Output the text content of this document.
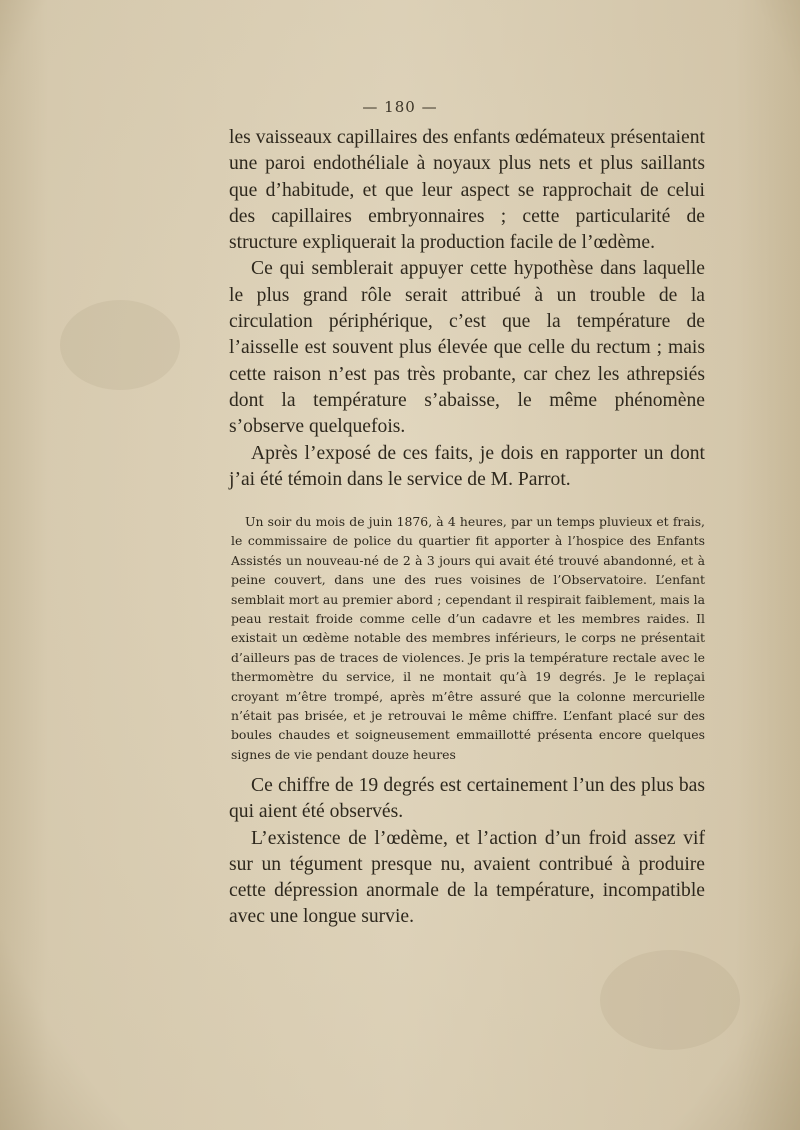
— 180 —

les vaisseaux capillaires des enfants œdémateux présentaient une paroi endothéliale à noyaux plus nets et plus saillants que d’habitude, et que leur aspect se rapprochait de celui des capillaires embryonnaires ; cette particularité de structure expliquerait la production facile de l’œdème.

Ce qui semblerait appuyer cette hypothèse dans laquelle le plus grand rôle serait attribué à un trouble de la circulation périphérique, c’est que la température de l’aisselle est souvent plus élevée que celle du rectum ; mais cette raison n’est pas très probante, car chez les athrepsiés dont la température s’abaisse, le même phénomène s’observe quelquefois.

Après l’exposé de ces faits, je dois en rapporter un dont j’ai été témoin dans le service de M. Parrot.

Un soir du mois de juin 1876, à 4 heures, par un temps pluvieux et frais, le commissaire de police du quartier fit apporter à l’hospice des Enfants Assistés un nouveau-né de 2 à 3 jours qui avait été trouvé abandonné, et à peine couvert, dans une des rues voisines de l’Observatoire. L’enfant semblait mort au premier abord ; cependant il respirait faiblement, mais la peau restait froide comme celle d’un cadavre et les membres raides. Il existait un œdème notable des membres inférieurs, le corps ne présentait d’ailleurs pas de traces de violences. Je pris la température rectale avec le thermomètre du service, il ne montait qu’à 19 degrés. Je le replaçai croyant m’être trompé, après m’être assuré que la colonne mercurielle n’était pas brisée, et je retrouvai le même chiffre. L’enfant placé sur des boules chaudes et soigneusement emmaillotté présenta encore quelques signes de vie pendant douze heures

Ce chiffre de 19 degrés est certainement l’un des plus bas qui aient été observés.

L’existence de l’œdème, et l’action d’un froid assez vif sur un tégument presque nu, avaient contribué à produire cette dépression anormale de la température, incompatible avec une longue survie.
